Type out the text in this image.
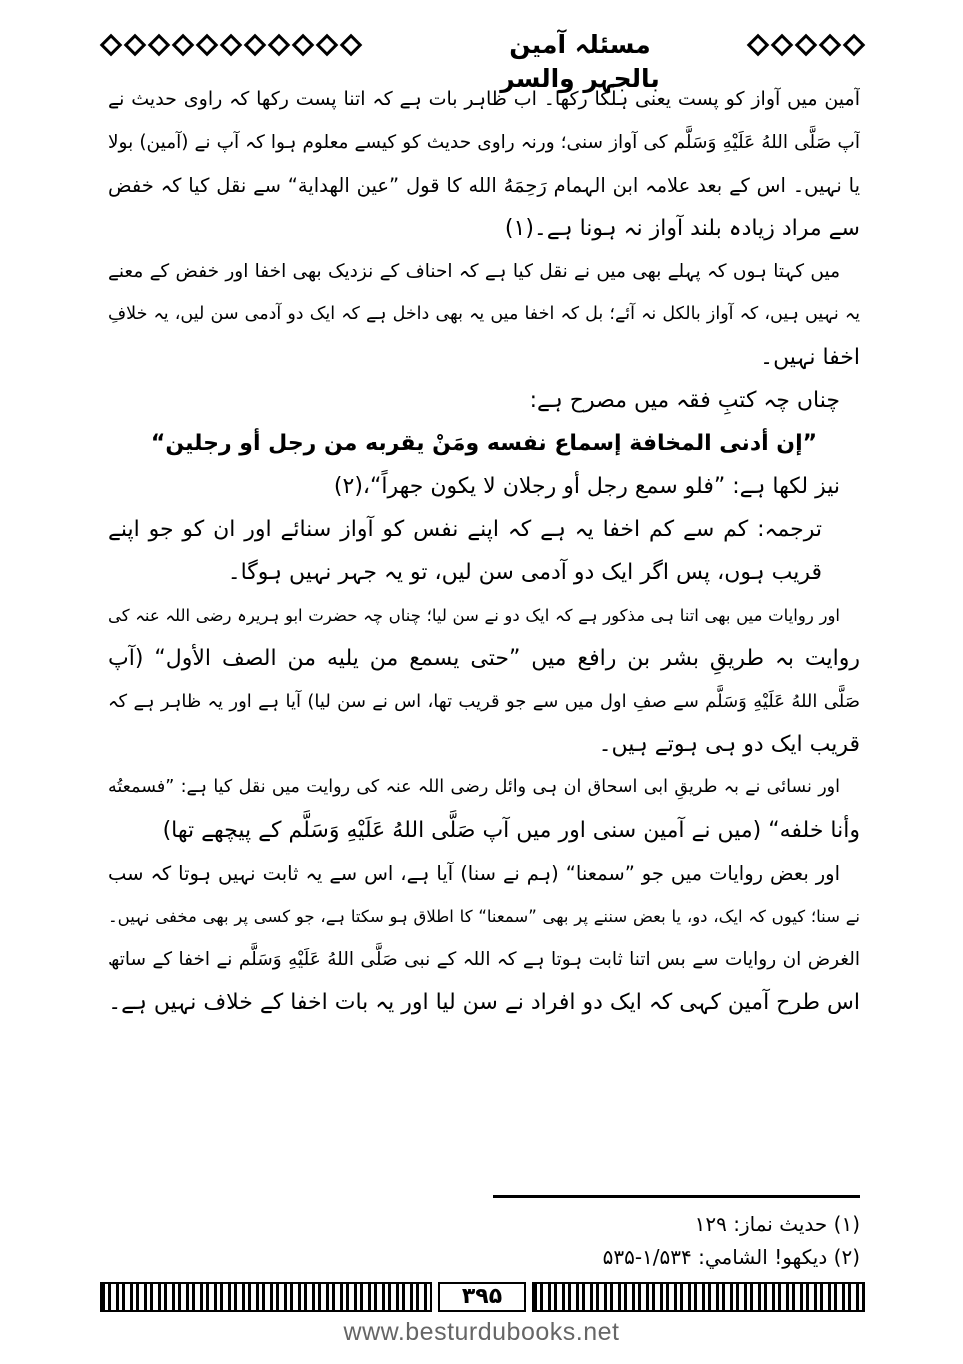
مسئلہ آمین بالجہر والسر
آمین میں آواز کو پست یعنی ہلکا رکھا۔ اب ظاہر بات ہے کہ اتنا پست رکھا کہ راوی حدیث نے
آپ صَلَّى اللهُ عَلَيْهِ وَسَلَّم کی آواز سنی؛ ورنہ راوی حدیث کو کیسے معلوم ہوا کہ آپ نے (آمین) بولا
یا نہیں۔ اس کے بعد علامہ ابن الہمام رَحِمَهُ الله کا قول ”عین الهداية“ سے نقل کیا کہ خفض
سے مراد زیادہ بلند آواز نہ ہونا ہے۔(۱)
میں کہتا ہوں کہ پہلے بھی میں نے نقل کیا ہے کہ احناف کے نزدیک بھی اخفا اور خفض کے معنے
یہ نہیں ہیں، کہ آواز بالکل نہ آئے؛ بل کہ اخفا میں یہ بھی داخل ہے کہ ایک دو آدمی سن لیں، یہ خلافِ
اخفا نہیں۔
چناں چہ کتبِ فقہ میں مصرح ہے:
”إن أدنى المخافة إسماع نفسه ومَنْ يقربه من رجل أو رجلين“
نیز لکھا ہے: ”فلو سمع رجل أو رجلان لا يكون جهراً“،(۲)
ترجمہ: کم سے کم اخفا یہ ہے کہ اپنے نفس کو آواز سنائے اور ان کو جو اپنے
قریب ہوں، پس اگر ایک دو آدمی سن لیں، تو یہ جہر نہیں ہوگا۔
اور روایات میں بھی اتنا ہی مذکور ہے کہ ایک دو نے سن لیا؛ چناں چہ حضرت ابو ہریرہ رضی اللہ عنہ کی
روایت بہ طریقِ بشر بن رافع میں ”حتى يسمع من يليه من الصف الأول“ (آپ
صَلَّى اللهُ عَلَيْهِ وَسَلَّم سے صفِ اول میں سے جو قریب تھا، اس نے سن لیا) آیا ہے اور یہ ظاہر ہے کہ
قریب ایک دو ہی ہوتے ہیں۔
اور نسائی نے بہ طریقِ ابی اسحاق ان ہی وائل رضی اللہ عنہ کی روایت میں نقل کیا ہے: ”فسمعتُه
وأنا خلفه“ (میں نے آمین سنی اور میں آپ صَلَّى اللهُ عَلَيْهِ وَسَلَّم کے پیچھے تھا)
اور بعض روایات میں جو ”سمعنا“ (ہم نے سنا) آیا ہے، اس سے یہ ثابت نہیں ہوتا کہ سب
نے سنا؛ کیوں کہ ایک، دو، یا بعض سننے پر بھی ”سمعنا“ کا اطلاق ہو سکتا ہے، جو کسی پر بھی مخفی نہیں۔
الغرض ان روایات سے بس اتنا ثابت ہوتا ہے کہ اللہ کے نبی صَلَّى اللهُ عَلَيْهِ وَسَلَّم نے اخفا کے ساتھ
اس طرح آمین کہی کہ ایک دو افراد نے سن لیا اور یہ بات اخفا کے خلاف نہیں ہے۔
(۱) حدیث نماز: ۱۲۹
(۲) دیکھو! الشامي: ۱/۵۳۴-۵۳۵
۳۹۵
www.besturdubooks.net
